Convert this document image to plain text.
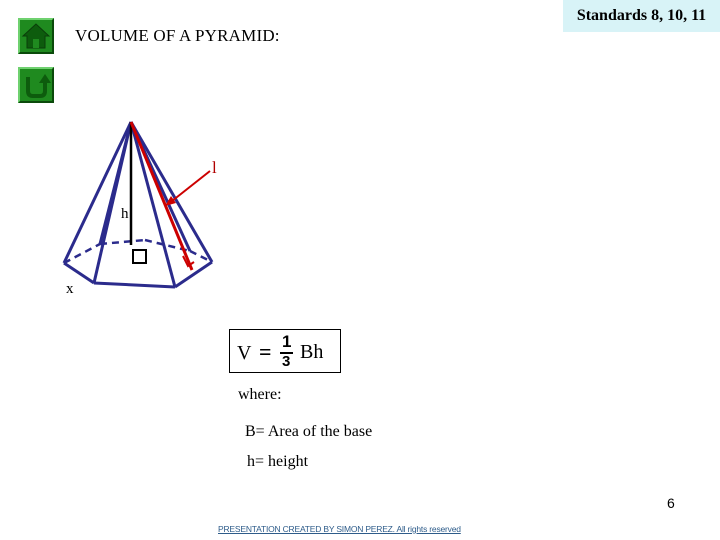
VOLUME OF A PYRAMID:
Standards 8, 10, 11
l
h
x
V = 1
3 Bh
where:
B= Area of the base
h= height
6
PRESENTATION CREATED BY SIMON PEREZ. All rights reserved
